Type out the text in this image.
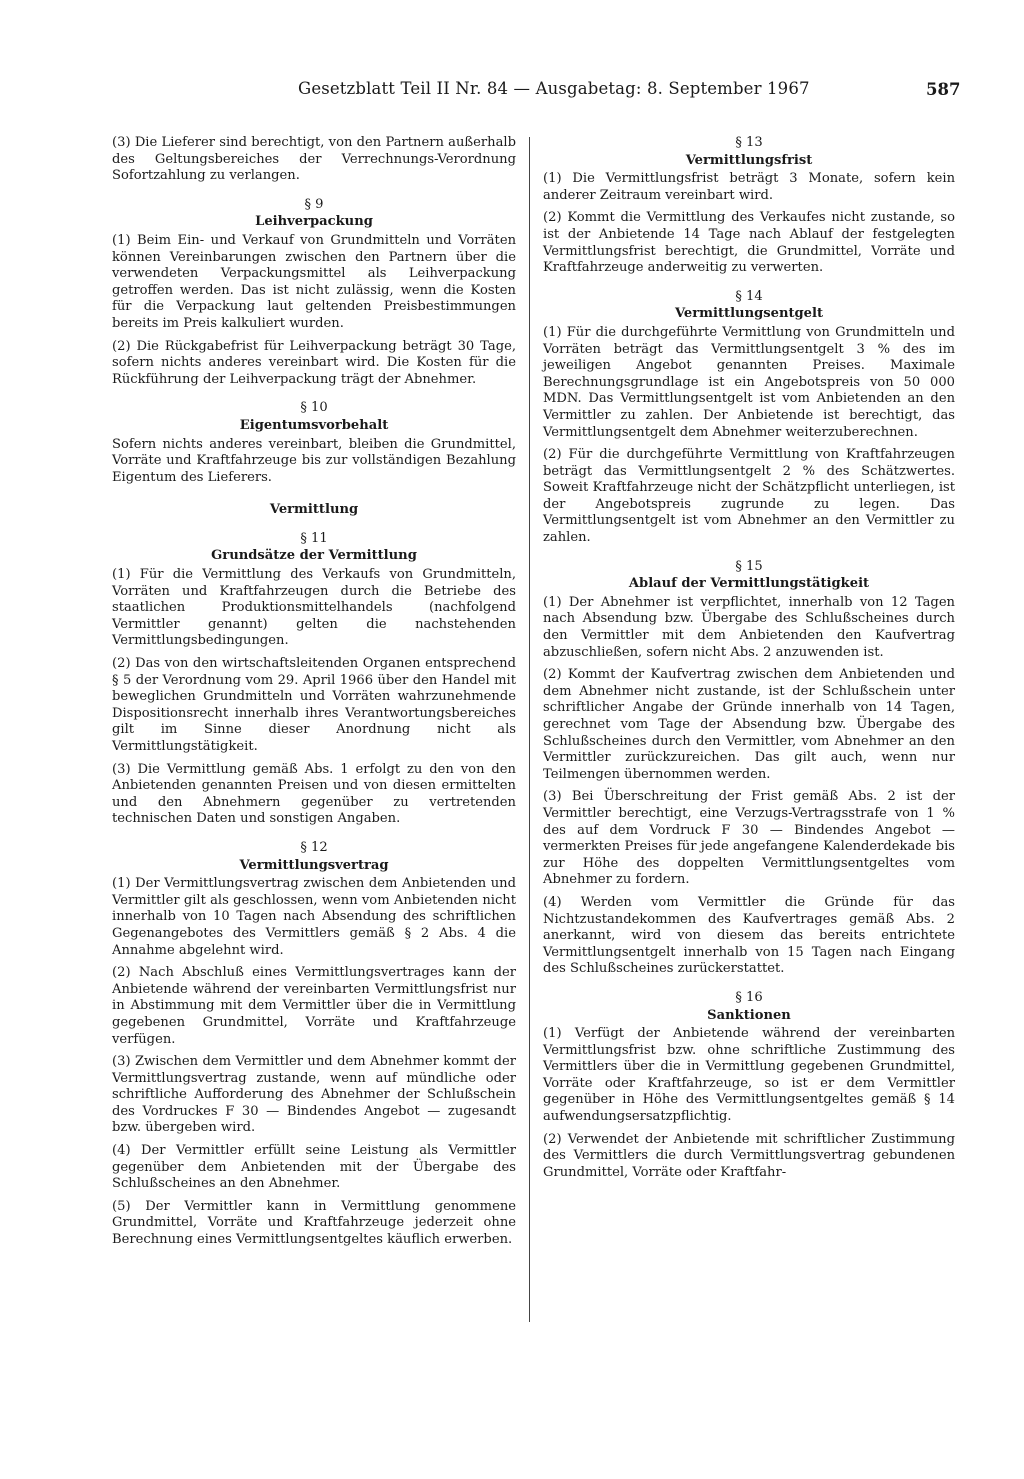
Gesetzblatt Teil II Nr. 84 — Ausgabetag: 8. September 1967	587
(3) Die Lieferer sind berechtigt, von den Partnern außerhalb des Geltungsbereiches der Verrechnungs-Verordnung Sofortzahlung zu verlangen.
§ 9
Leihverpackung
(1) Beim Ein- und Verkauf von Grundmitteln und Vorräten können Vereinbarungen zwischen den Partnern über die verwendeten Verpackungsmittel als Leihverpackung getroffen werden. Das ist nicht zulässig, wenn die Kosten für die Verpackung laut geltenden Preisbestimmungen bereits im Preis kalkuliert wurden.
(2) Die Rückgabefrist für Leihverpackung beträgt 30 Tage, sofern nichts anderes vereinbart wird. Die Kosten für die Rückführung der Leihverpackung trägt der Abnehmer.
§ 10
Eigentumsvorbehalt
Sofern nichts anderes vereinbart, bleiben die Grundmittel, Vorräte und Kraftfahrzeuge bis zur vollständigen Bezahlung Eigentum des Lieferers.
Vermittlung
§ 11
Grundsätze der Vermittlung
(1) Für die Vermittlung des Verkaufs von Grundmitteln, Vorräten und Kraftfahrzeugen durch die Betriebe des staatlichen Produktionsmittelhandels (nachfolgend Vermittler genannt) gelten die nachstehenden Vermittlungsbedingungen.
(2) Das von den wirtschaftsleitenden Organen entsprechend § 5 der Verordnung vom 29. April 1966 über den Handel mit beweglichen Grundmitteln und Vorräten wahrzunehmende Dispositionsrecht innerhalb ihres Verantwortungsbereiches gilt im Sinne dieser Anordnung nicht als Vermittlungstätigkeit.
(3) Die Vermittlung gemäß Abs. 1 erfolgt zu den von den Anbietenden genannten Preisen und von diesen ermittelten und den Abnehmern gegenüber zu vertretenden technischen Daten und sonstigen Angaben.
§ 12
Vermittlungsvertrag
(1) Der Vermittlungsvertrag zwischen dem Anbietenden und Vermittler gilt als geschlossen, wenn vom Anbietenden nicht innerhalb von 10 Tagen nach Absendung des schriftlichen Gegenangebotes des Vermittlers gemäß § 2 Abs. 4 die Annahme abgelehnt wird.
(2) Nach Abschluß eines Vermittlungsvertrages kann der Anbietende während der vereinbarten Vermittlungsfrist nur in Abstimmung mit dem Vermittler über die in Vermittlung gegebenen Grundmittel, Vorräte und Kraftfahrzeuge verfügen.
(3) Zwischen dem Vermittler und dem Abnehmer kommt der Vermittlungsvertrag zustande, wenn auf mündliche oder schriftliche Aufforderung des Abnehmer der Schlußschein des Vordruckes F 30 — Bindendes Angebot — zugesandt bzw. übergeben wird.
(4) Der Vermittler erfüllt seine Leistung als Vermittler gegenüber dem Anbietenden mit der Übergabe des Schlußscheines an den Abnehmer.
(5) Der Vermittler kann in Vermittlung genommene Grundmittel, Vorräte und Kraftfahrzeuge jederzeit ohne Berechnung eines Vermittlungsentgeltes käuflich erwerben.
§ 13
Vermittlungsfrist
(1) Die Vermittlungsfrist beträgt 3 Monate, sofern kein anderer Zeitraum vereinbart wird.
(2) Kommt die Vermittlung des Verkaufes nicht zustande, so ist der Anbietende 14 Tage nach Ablauf der festgelegten Vermittlungsfrist berechtigt, die Grundmittel, Vorräte und Kraftfahrzeuge anderweitig zu verwerten.
§ 14
Vermittlungsentgelt
(1) Für die durchgeführte Vermittlung von Grundmitteln und Vorräten beträgt das Vermittlungsentgelt 3 % des im jeweiligen Angebot genannten Preises. Maximale Berechnungsgrundlage ist ein Angebotspreis von 50 000 MDN. Das Vermittlungsentgelt ist vom Anbietenden an den Vermittler zu zahlen. Der Anbietende ist berechtigt, das Vermittlungsentgelt dem Abnehmer weiterzuberechnen.
(2) Für die durchgeführte Vermittlung von Kraftfahrzeugen beträgt das Vermittlungsentgelt 2 % des Schätzwertes. Soweit Kraftfahrzeuge nicht der Schätzpflicht unterliegen, ist der Angebotspreis zugrunde zu legen. Das Vermittlungsentgelt ist vom Abnehmer an den Vermittler zu zahlen.
§ 15
Ablauf der Vermittlungstätigkeit
(1) Der Abnehmer ist verpflichtet, innerhalb von 12 Tagen nach Absendung bzw. Übergabe des Schlußscheines durch den Vermittler mit dem Anbietenden den Kaufvertrag abzuschließen, sofern nicht Abs. 2 anzuwenden ist.
(2) Kommt der Kaufvertrag zwischen dem Anbietenden und dem Abnehmer nicht zustande, ist der Schlußschein unter schriftlicher Angabe der Gründe innerhalb von 14 Tagen, gerechnet vom Tage der Absendung bzw. Übergabe des Schlußscheines durch den Vermittler, vom Abnehmer an den Vermittler zurückzureichen. Das gilt auch, wenn nur Teilmengen übernommen werden.
(3) Bei Überschreitung der Frist gemäß Abs. 2 ist der Vermittler berechtigt, eine Verzugs-Vertragsstrafe von 1 % des auf dem Vordruck F 30 — Bindendes Angebot — vermerkten Preises für jede angefangene Kalenderdekade bis zur Höhe des doppelten Vermittlungsentgeltes vom Abnehmer zu fordern.
(4) Werden vom Vermittler die Gründe für das Nichtzustandekommen des Kaufvertrages gemäß Abs. 2 anerkannt, wird von diesem das bereits entrichtete Vermittlungsentgelt innerhalb von 15 Tagen nach Eingang des Schlußscheines zurückerstattet.
§ 16
Sanktionen
(1) Verfügt der Anbietende während der vereinbarten Vermittlungsfrist bzw. ohne schriftliche Zustimmung des Vermittlers über die in Vermittlung gegebenen Grundmittel, Vorräte oder Kraftfahrzeuge, so ist er dem Vermittler gegenüber in Höhe des Vermittlungsentgeltes gemäß § 14 aufwendungsersatzpflichtig.
(2) Verwendet der Anbietende mit schriftlicher Zustimmung des Vermittlers die durch Vermittlungsvertrag gebundenen Grundmittel, Vorräte oder Kraftfahr-
